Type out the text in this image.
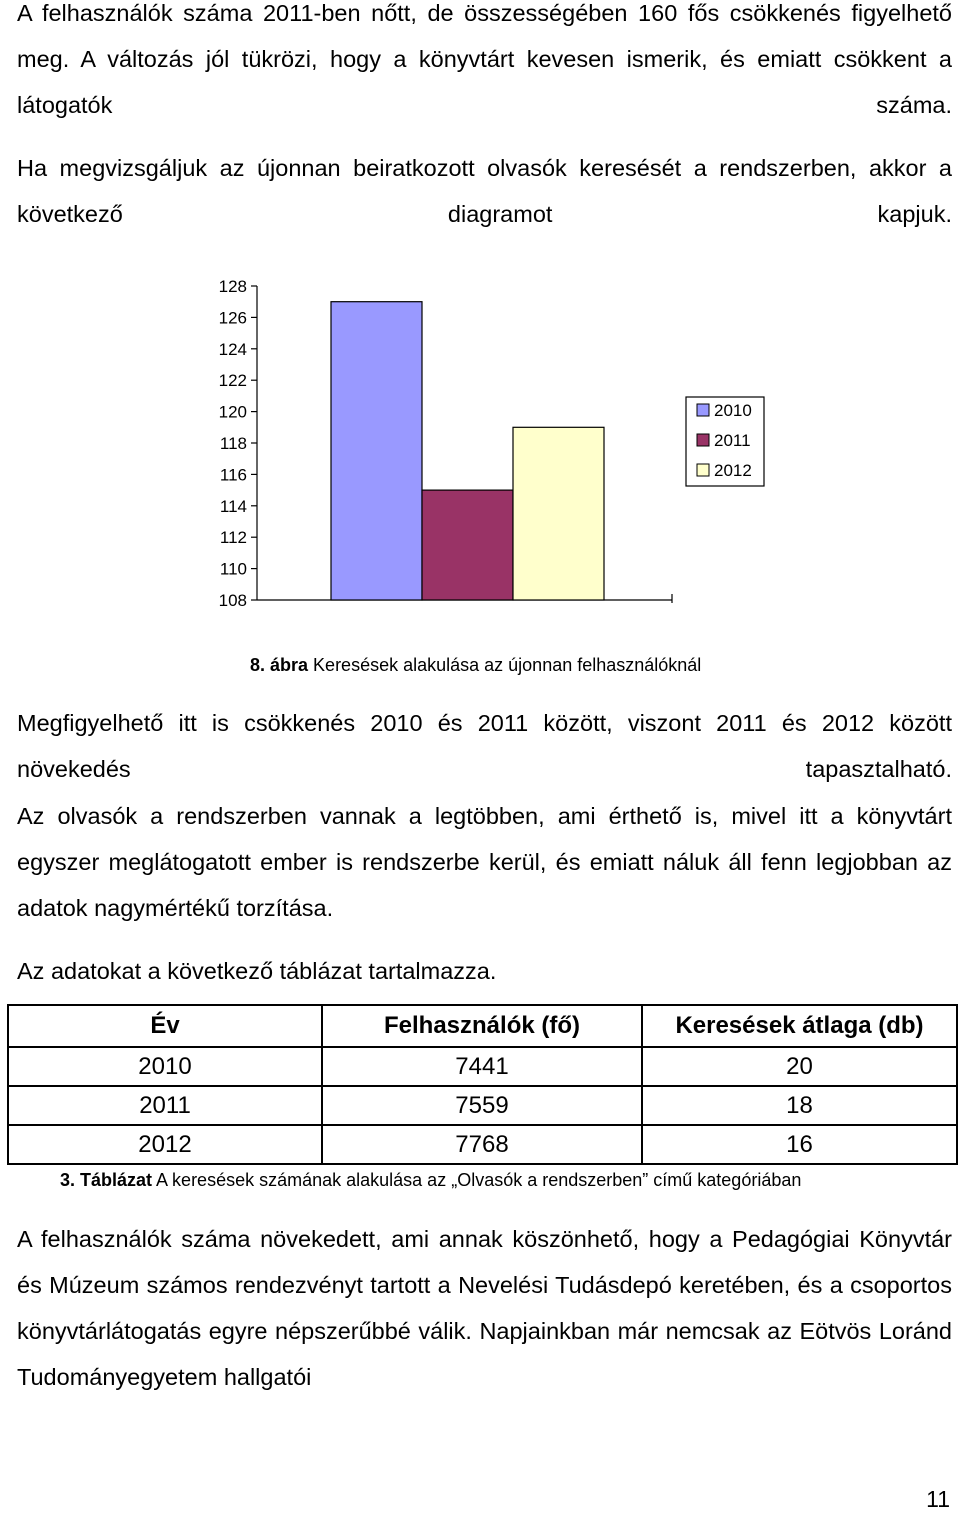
A felhasználók száma 2011-ben nőtt, de összességében 160 fős csökkenés figyelhető meg. A változás jól tükrözi, hogy a könyvtárt kevesen ismerik, és emiatt csökkent a látogatók száma.

Ha megvizsgáljuk az újonnan beiratkozott olvasók keresését a rendszerben, akkor a következő diagramot kapjuk.

128
126
124
122
120
118
116
114
112
110
108
2010
2011
2012
8. ábra Keresések alakulása az újonnan felhasználóknál

Megfigyelhető itt is csökkenés 2010 és 2011 között, viszont 2011 és 2012 között növekedés tapasztalható.

Az olvasók a rendszerben vannak a legtöbben, ami érthető is, mivel itt a könyvtárt egyszer meglátogatott ember is rendszerbe kerül, és emiatt náluk áll fenn legjobban az adatok nagymértékű torzítása.

Az adatokat a következő táblázat tartalmazza.

Év	Felhasználók (fő)	Keresések átlaga (db)
2010	7441	20
2011	7559	18
2012	7768	16
3. Táblázat A keresések számának alakulása az „Olvasók a rendszerben” című kategóriában

A felhasználók száma növekedett, ami annak köszönhető, hogy a Pedagógiai Könyvtár és Múzeum számos rendezvényt tartott a Nevelési Tudásdepó keretében, és a csoportos könyvtárlátogatás egyre népszerűbbé válik. Napjainkban már nemcsak az Eötvös Loránd Tudományegyetem hallgatói

11
